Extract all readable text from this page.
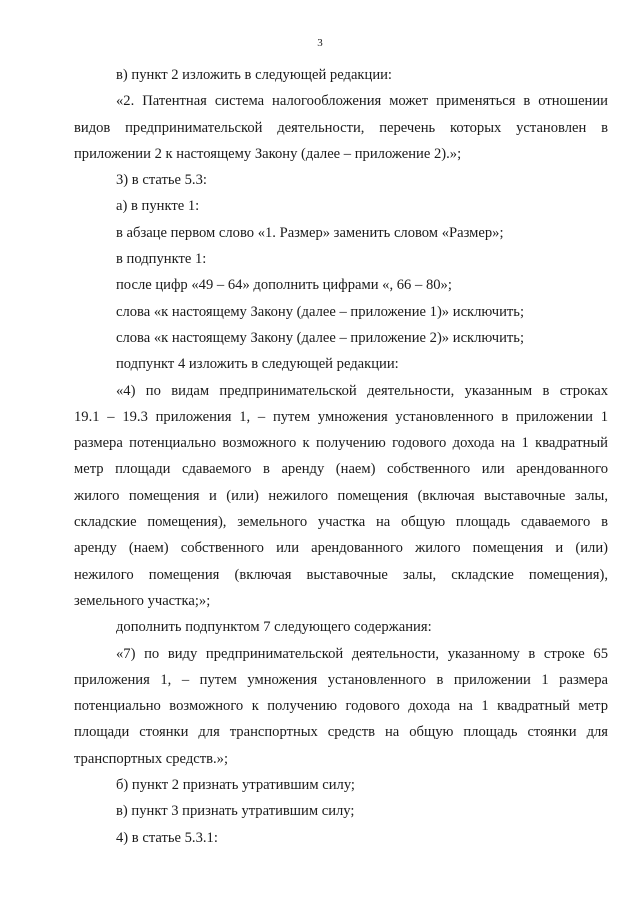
3

в) пункт 2 изложить в следующей редакции:

«2. Патентная система налогообложения может применяться в отношении

видов предпринимательской деятельности, перечень которых установлен в

приложении 2 к настоящему Закону (далее – приложение 2).»;

3) в статье 5.3:

а) в пункте 1:

в абзаце первом слово «1. Размер» заменить словом «Размер»;

в подпункте 1:

после цифр «49 – 64» дополнить цифрами «, 66 – 80»;

слова «к настоящему Закону (далее – приложение 1)» исключить;

слова «к настоящему Закону (далее – приложение 2)» исключить;

подпункт 4 изложить в следующей редакции:

«4) по видам предпринимательской деятельности, указанным в строках

19.1 – 19.3 приложения 1, – путем умножения установленного в приложении 1

размера потенциально возможного к получению годового дохода на 1 квадратный

метр площади сдаваемого в аренду (наем) собственного или арендованного

жилого помещения и (или) нежилого помещения (включая выставочные залы,

складские помещения), земельного участка на общую площадь сдаваемого в

аренду (наем) собственного или арендованного жилого помещения и (или)

нежилого помещения (включая выставочные залы, складские помещения),

земельного участка;»;

дополнить подпунктом 7 следующего содержания:

«7) по виду предпринимательской деятельности, указанному в строке 65

приложения 1, – путем умножения установленного в приложении 1 размера

потенциально возможного к получению годового дохода на 1 квадратный метр

площади стоянки для транспортных средств на общую площадь стоянки для

транспортных средств.»;

б) пункт 2 признать утратившим силу;

в) пункт 3 признать утратившим силу;

4) в статье 5.3.1:
